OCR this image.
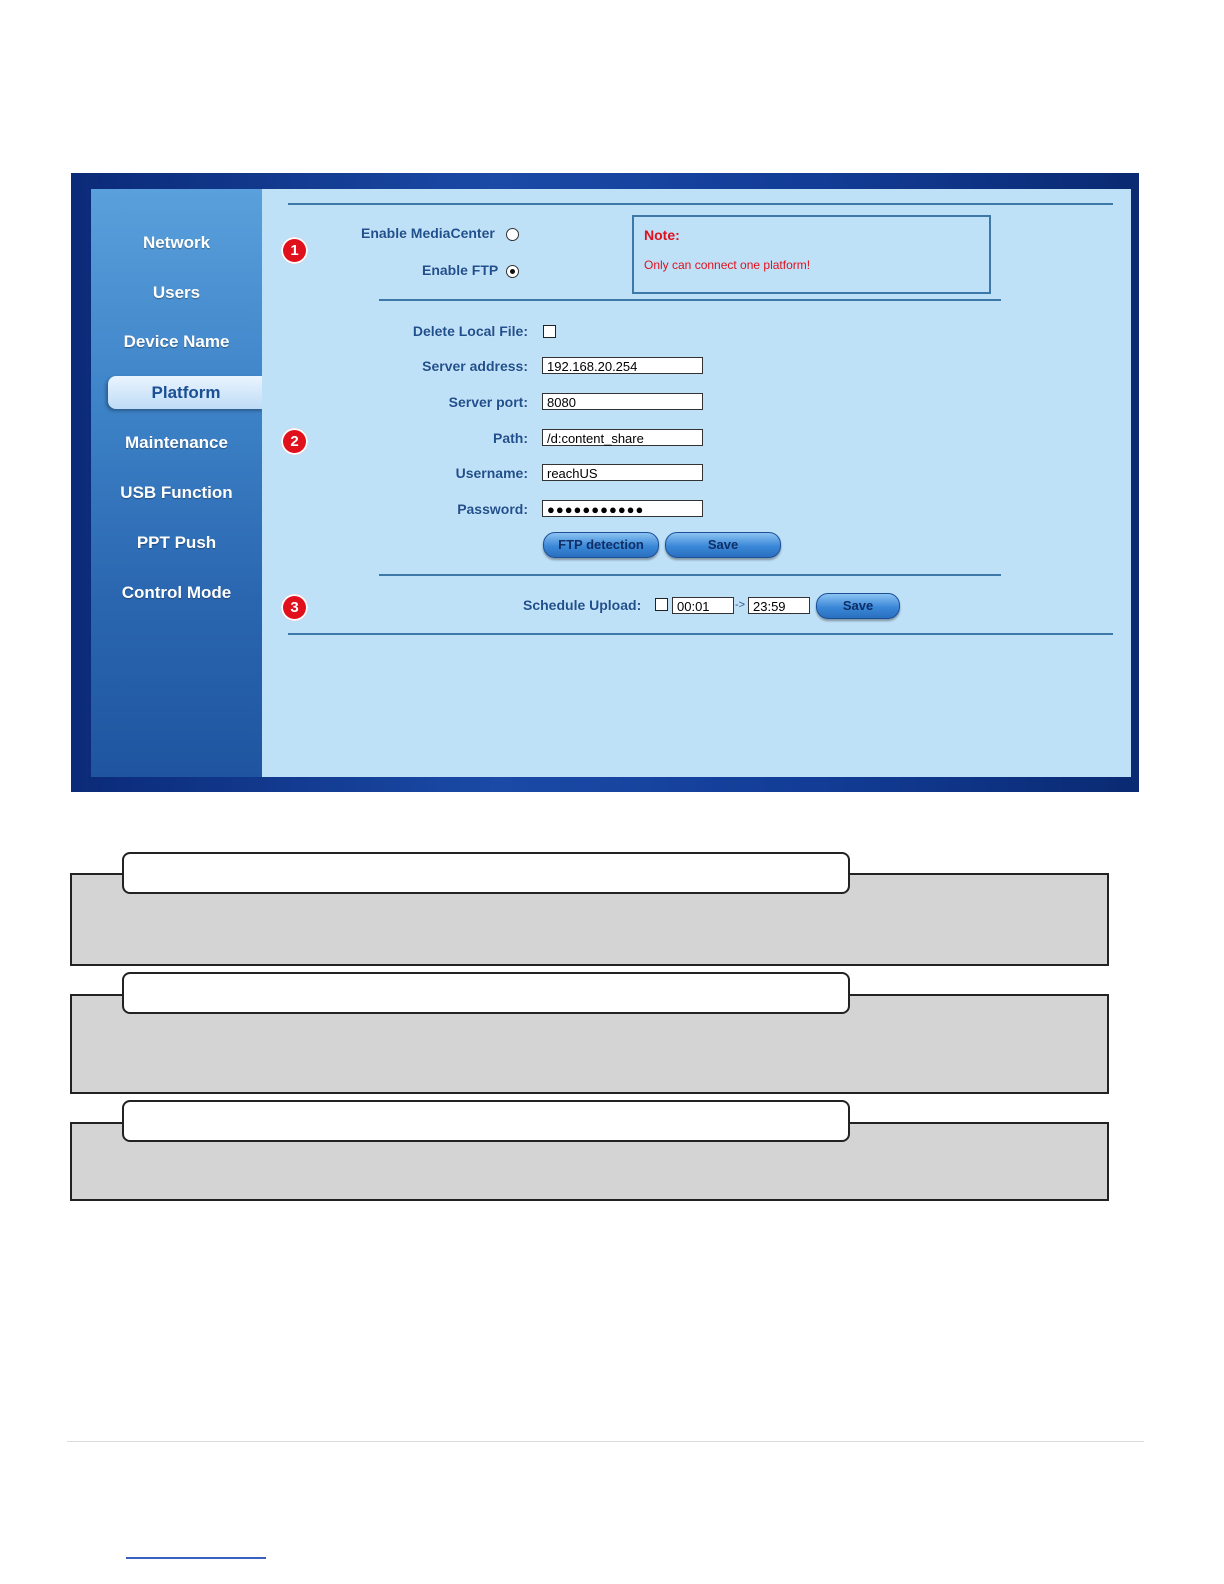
Network
Users
Device Name
Platform
Maintenance
USB Function
PPT Push
Control Mode
1
2
3
Enable MediaCenter
Enable FTP
Note:
Only can connect one platform!
Delete Local File:
Server address:	192.168.20.254
Server port:	8080
Path:	/d:content_share
Username:	reachUS
Password:	●●●●●●●●●●●
FTP detection	Save
Schedule Upload:	00:01	-> 23:59	Save
